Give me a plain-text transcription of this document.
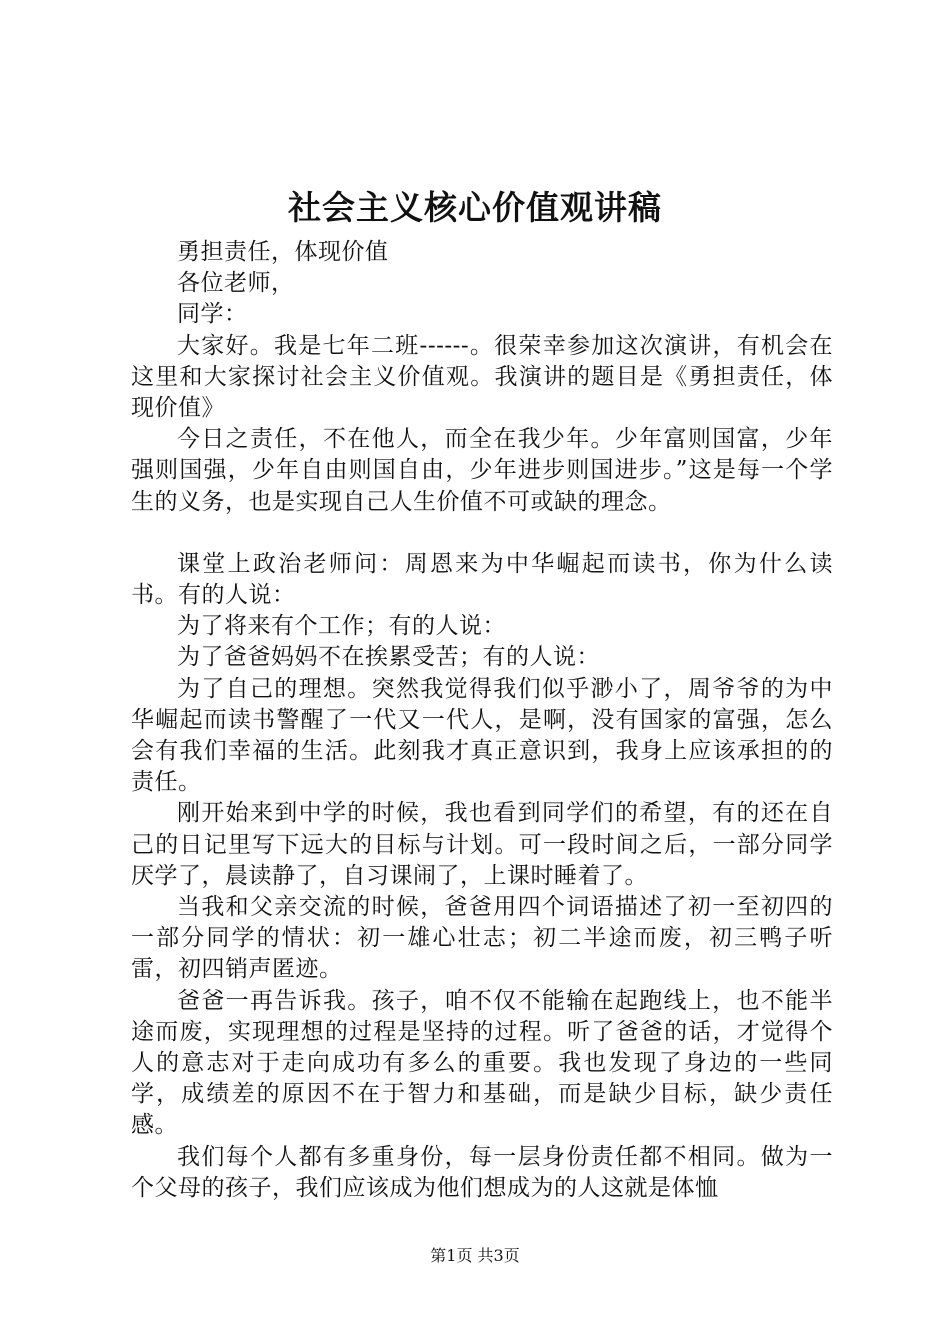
社会主义核心价值观讲稿

勇担责任，体现价值

各位老师，

同学：

大家好。我是七年二班------。很荣幸参加这次演讲，有机会在这里和大家探讨社会主义价值观。我演讲的题目是《勇担责任，体现价值》

今日之责任，不在他人，而全在我少年。少年富则国富，少年强则国强，少年自由则国自由，少年进步则国进步。”这是每一个学生的义务，也是实现自己人生价值不可或缺的理念。

课堂上政治老师问：周恩来为中华崛起而读书，你为什么读书。有的人说：

为了将来有个工作；有的人说：

为了爸爸妈妈不在挨累受苦；有的人说：

为了自己的理想。突然我觉得我们似乎渺小了，周爷爷的为中华崛起而读书警醒了一代又一代人，是啊，没有国家的富强，怎么会有我们幸福的生活。此刻我才真正意识到，我身上应该承担的的责任。

刚开始来到中学的时候，我也看到同学们的希望，有的还在自己的日记里写下远大的目标与计划。可一段时间之后，一部分同学厌学了，晨读静了，自习课闹了，上课时睡着了。

当我和父亲交流的时候，爸爸用四个词语描述了初一至初四的一部分同学的情状：初一雄心壮志；初二半途而废，初三鸭子听雷，初四销声匿迹。

爸爸一再告诉我。孩子，咱不仅不能输在起跑线上，也不能半途而废，实现理想的过程是坚持的过程。听了爸爸的话，才觉得个人的意志对于走向成功有多么的重要。我也发现了身边的一些同学，成绩差的原因不在于智力和基础，而是缺少目标，缺少责任感。

我们每个人都有多重身份，每一层身份责任都不相同。做为一个父母的孩子，我们应该成为他们想成为的人这就是体恤

第1页 共3页
